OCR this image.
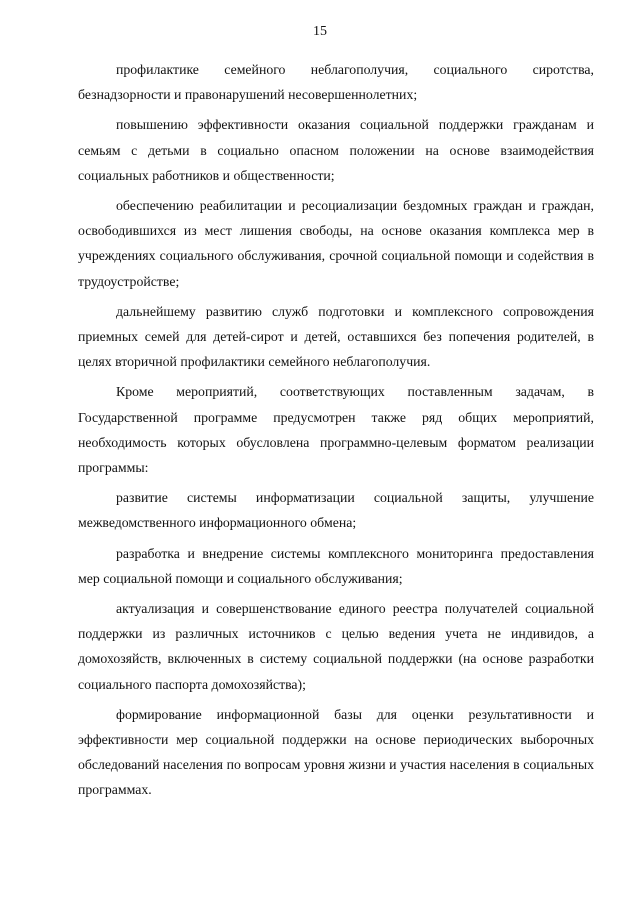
15

профилактике семейного неблагополучия, социального сиротства, безнадзорности и правонарушений несовершеннолетних;

повышению эффективности оказания социальной поддержки гражданам и семьям с детьми в социально опасном положении на основе взаимодействия социальных работников и общественности;

обеспечению реабилитации и ресоциализации бездомных граждан и граждан, освободившихся из мест лишения свободы, на основе оказания комплекса мер в учреждениях социального обслуживания, срочной социальной помощи и содействия в трудоустройстве;

дальнейшему развитию служб подготовки и комплексного сопровождения приемных семей для детей-сирот и детей, оставшихся без попечения родителей, в целях вторичной профилактики семейного неблагополучия.

Кроме мероприятий, соответствующих поставленным задачам, в Государственной программе предусмотрен также ряд общих мероприятий, необходимость которых обусловлена программно-целевым форматом реализации программы:

развитие системы информатизации социальной защиты, улучшение межведомственного информационного обмена;

разработка и внедрение системы комплексного мониторинга предоставления мер социальной помощи и социального обслуживания;

актуализация и совершенствование единого реестра получателей социальной поддержки из различных источников с целью ведения учета не индивидов, а домохозяйств, включенных в систему социальной поддержки (на основе разработки социального паспорта домохозяйства);

формирование информационной базы для оценки результативности и эффективности мер социальной поддержки на основе периодических выборочных обследований населения по вопросам уровня жизни и участия населения в социальных программах.
